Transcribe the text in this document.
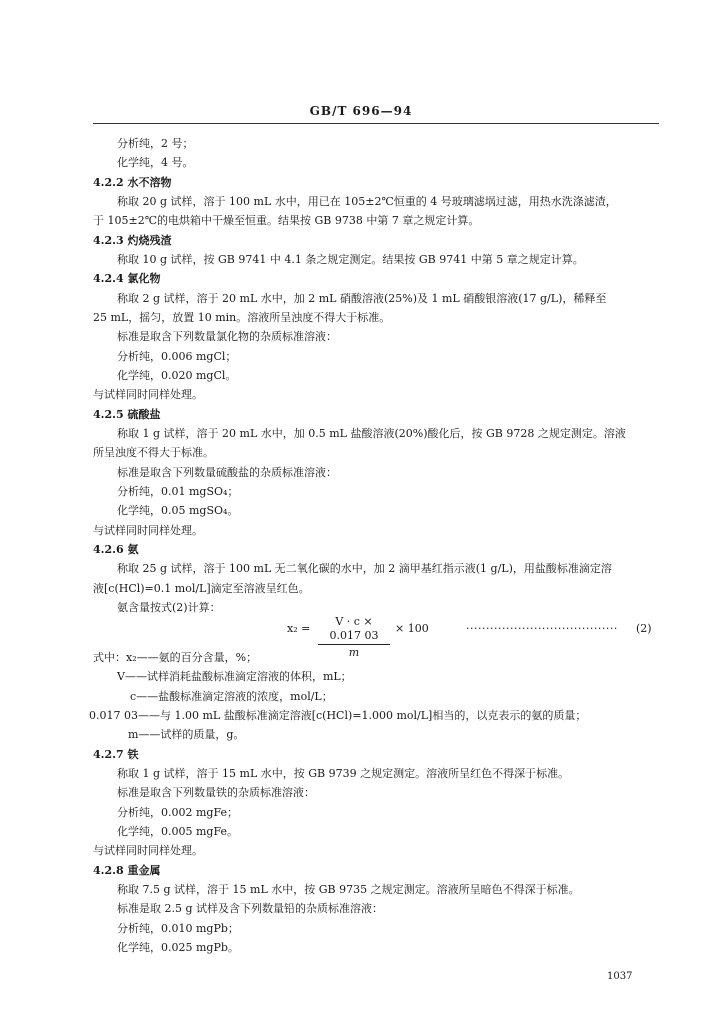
GB/T 696—94
分析纯，2 号；
化学纯，4 号。
4.2.2 水不溶物
称取 20 g 试样，溶于 100 mL 水中，用已在 105±2℃恒重的 4 号玻璃滤埚过滤，用热水洗涤滤渣，
于 105±2℃的电烘箱中干燥至恒重。结果按 GB 9738 中第 7 章之规定计算。
4.2.3 灼烧残渣
称取 10 g 试样，按 GB 9741 中 4.1 条之规定测定。结果按 GB 9741 中第 5 章之规定计算。
4.2.4 氯化物
称取 2 g 试样，溶于 20 mL 水中，加 2 mL 硝酸溶液(25%)及 1 mL 硝酸银溶液(17 g/L)，稀释至
25 mL，摇匀，放置 10 min。溶液所呈浊度不得大于标准。
标准是取含下列数量氯化物的杂质标准溶液：
分析纯，0.006 mgCl；
化学纯，0.020 mgCl。
与试样同时同样处理。
4.2.5 硫酸盐
称取 1 g 试样，溶于 20 mL 水中，加 0.5 mL 盐酸溶液(20%)酸化后，按 GB 9728 之规定测定。溶液
所呈浊度不得大于标准。
标准是取含下列数量硫酸盐的杂质标准溶液：
分析纯，0.01 mgSO₄；
化学纯，0.05 mgSO₄。
与试样同时同样处理。
4.2.6 氨
称取 25 g 试样，溶于 100 mL 无二氧化碳的水中，加 2 滴甲基红指示液(1 g/L)，用盐酸标准滴定溶
液[c(HCl)=0.1 mol/L]滴定至溶液呈红色。
氨含量按式(2)计算：
式中：x₂——氨的百分含量，%；
V——试样消耗盐酸标准滴定溶液的体积，mL；
c——盐酸标准滴定溶液的浓度，mol/L；
0.017 03——与 1.00 mL 盐酸标准滴定溶液[c(HCl)=1.000 mol/L]相当的，以克表示的氨的质量；
m——试样的质量，g。
4.2.7 铁
称取 1 g 试样，溶于 15 mL 水中，按 GB 9739 之规定测定。溶液所呈红色不得深于标准。
标准是取含下列数量铁的杂质标准溶液：
分析纯，0.002 mgFe；
化学纯，0.005 mgFe。
与试样同时同样处理。
4.2.8 重金属
称取 7.5 g 试样，溶于 15 mL 水中，按 GB 9735 之规定测定。溶液所呈暗色不得深于标准。
标准是取 2.5 g 试样及含下列数量铅的杂质标准溶液：
分析纯，0.010 mgPb；
化学纯，0.025 mgPb。
$x_2 = \frac{V \cdot c \times 0.017 03}{m} \times 100$	······································ (2)
1037
